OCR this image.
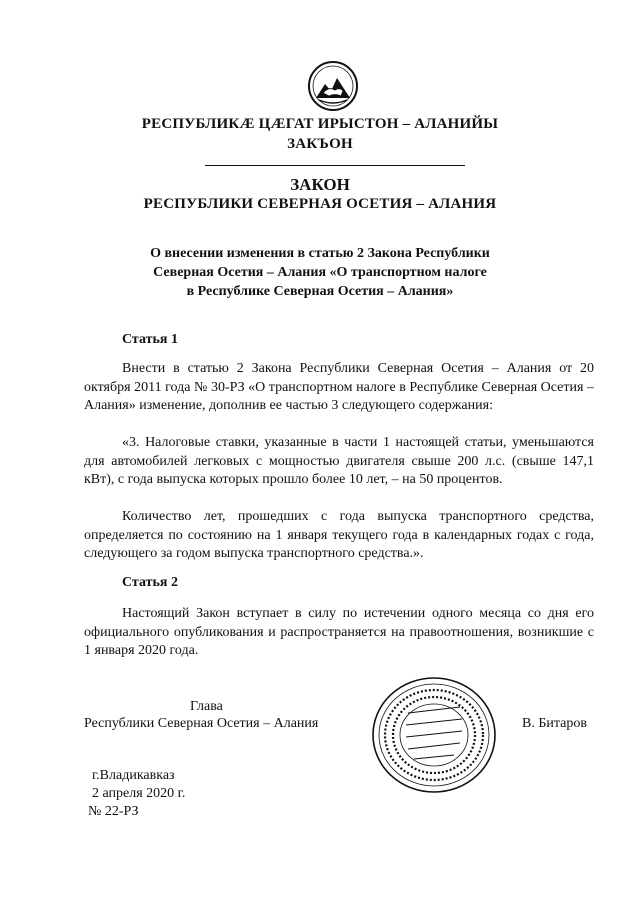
РЕСПУБЛИКӔ ЦӔГАТ ИРЫСТОН – АЛАНИЙЫ
ЗАКЪОН
ЗАКОН
РЕСПУБЛИКИ СЕВЕРНАЯ ОСЕТИЯ – АЛАНИЯ
О внесении изменения в статью 2 Закона Республики
Северная Осетия – Алания «О транспортном налоге
в Республике Северная Осетия – Алания»
Статья 1

Внести в статью 2 Закона Республики Северная Осетия – Алания от 20 октября 2011 года № 30-РЗ «О транспортном налоге в Республике Северная Осетия – Алания» изменение, дополнив ее частью 3 следующего содержания:

«3. Налоговые ставки, указанные в части 1 настоящей статьи, уменьшаются для автомобилей легковых с мощностью двигателя свыше 200 л.с. (свыше 147,1 кВт), с года выпуска которых прошло более 10 лет, – на 50 процентов.

Количество лет, прошедших с года выпуска транспортного средства, определяется по состоянию на 1 января текущего года в календарных годах с года, следующего за годом выпуска транспортного средства.».

Статья 2

Настоящий Закон вступает в силу по истечении одного месяца со дня его официального опубликования и распространяется на правоотношения, возникшие с 1 января 2020 года.

Глава
Республики Северная Осетия – Алания	В. Битаров
г.Владикавказ
2 апреля 2020 г.
№ 22-РЗ
